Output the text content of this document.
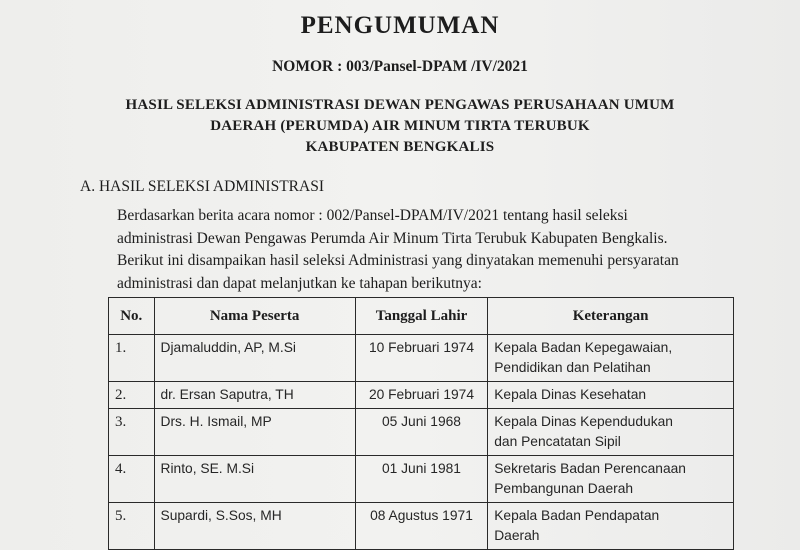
PENGUMUMAN
NOMOR : 003/Pansel-DPAM /IV/2021
HASIL SELEKSI ADMINISTRASI DEWAN PENGAWAS PERUSAHAAN UMUM
DAERAH (PERUMDA) AIR MINUM TIRTA TERUBUK
KABUPATEN BENGKALIS
A. HASIL SELEKSI ADMINISTRASI
Berdasarkan berita acara nomor : 002/Pansel-DPAM/IV/2021 tentang hasil seleksi
administrasi Dewan Pengawas Perumda Air Minum Tirta Terubuk Kabupaten Bengkalis.
Berikut ini disampaikan hasil seleksi Administrasi yang dinyatakan memenuhi persyaratan
administrasi dan dapat melanjutkan ke tahapan berikutnya:
No.	Nama Peserta	Tanggal Lahir	Keterangan
1.	Djamaluddin, AP, M.Si	10 Februari 1974	Kepala Badan Kepegawaian,
Pendidikan dan Pelatihan

2.	dr. Ersan Saputra, TH	20 Februari 1974	Kepala Dinas Kesehatan

3.	Drs. H. Ismail, MP	05 Juni 1968	Kepala Dinas Kependudukan
dan Pencatatan Sipil

4.	Rinto, SE. M.Si	01 Juni 1981	Sekretaris Badan Perencanaan
Pembangunan Daerah

5.	Supardi, S.Sos, MH	08 Agustus 1971	Kepala Badan Pendapatan
Daerah
